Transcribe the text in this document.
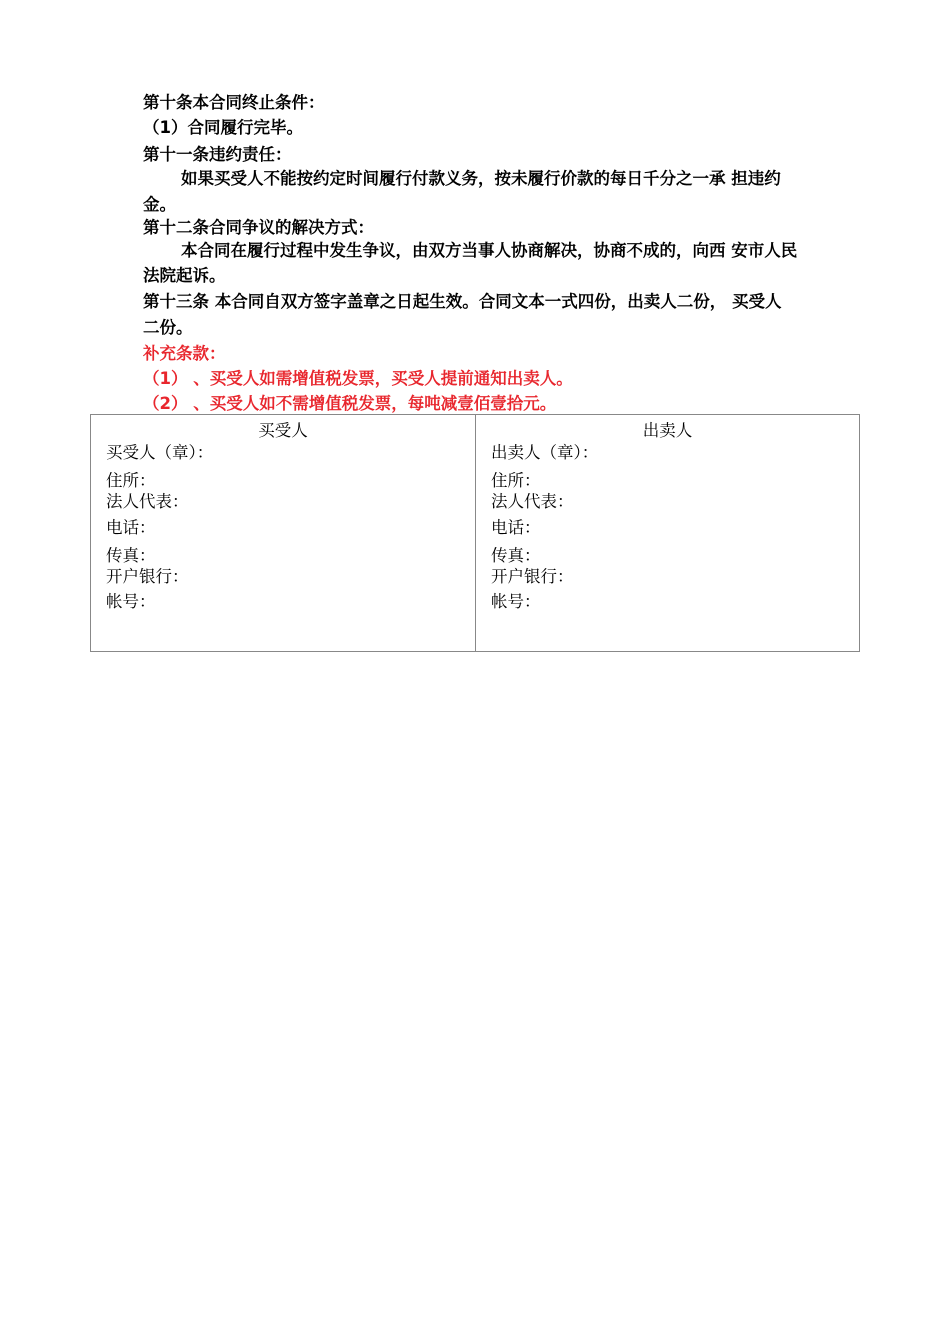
第十条本合同终止条件：
（1）合同履行完毕。
第十一条违约责任：
如果买受人不能按约定时间履行付款义务，按未履行价款的每日千分之一承 担违约
金。
第十二条合同争议的解决方式：
本合同在履行过程中发生争议，由双方当事人协商解决，协商不成的，向西 安市人民
法院起诉。
第十三条 本合同自双方签字盖章之日起生效。合同文本一式四份，出卖人二份， 买受人
二份。
补充条款：
（1） 、买受人如需增值税发票，买受人提前通知出卖人。
（2） 、买受人如不需增值税发票，每吨减壹佰壹拾元。
买受人
买受人（章）：
住所：
法人代表：
电话：
传真：
开户银行：
帐号：
出卖人
出卖人（章）：
住所：
法人代表：
电话：
传真：
开户银行：
帐号：
